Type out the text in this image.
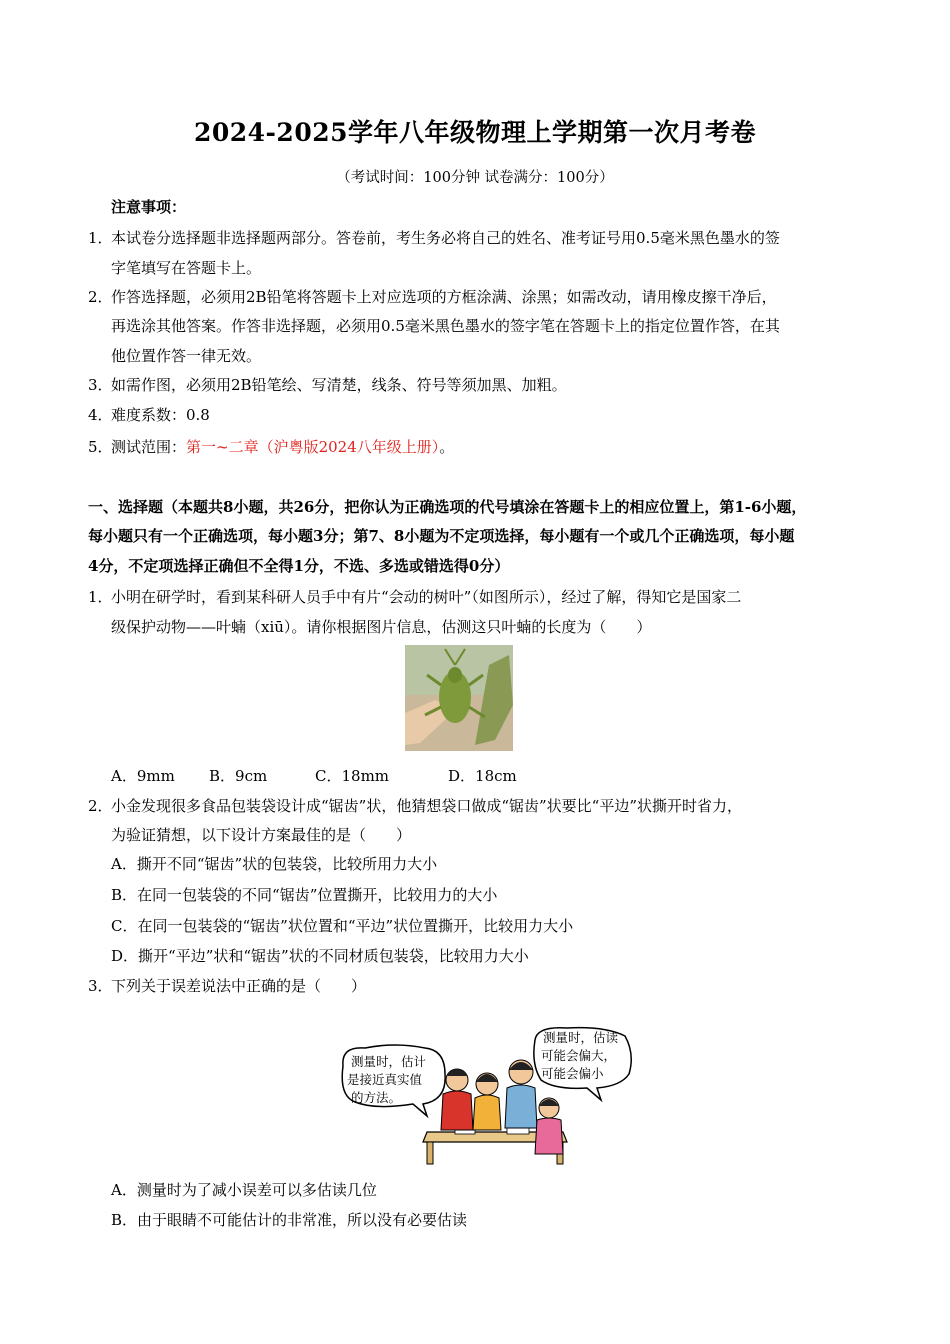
2024-2025学年八年级物理上学期第一次月考卷
（考试时间：100分钟 试卷满分：100分）
注意事项：
1．
本试卷分选择题非选择题两部分。答卷前，考生务必将自己的姓名、准考证号用0.5毫米黑色墨水的签
字笔填写在答题卡上。
2．
作答选择题，必须用2B铅笔将答题卡上对应选项的方框涂满、涂黑；如需改动，请用橡皮擦干净后，
再选涂其他答案。作答非选择题，必须用0.5毫米黑色墨水的签字笔在答题卡上的指定位置作答，在其
他位置作答一律无效。
3．
如需作图，必须用2B铅笔绘、写清楚，线条、符号等须加黑、加粗。
4．
难度系数：0.8
5．
测试范围：第一~二章（沪粤版2024八年级上册）。
一、选择题（本题共8小题，共26分，把你认为正确选项的代号填涂在答题卡上的相应位置上，第1-6小题，
每小题只有一个正确选项，每小题3分；第7、8小题为不定项选择，每小题有一个或几个正确选项，每小题
4分，不定项选择正确但不全得1分，不选、多选或错选得0分）
1．
小明在研学时，看到某科研人员手中有片“会动的树叶”（如图所示），经过了解，得知它是国家二
级保护动物——叶蝻（xiū）。请你根据图片信息，估测这只叶蝻的长度为（　　）
A．9mm B．9cm	C．18mm	D．18cm
2．
小金发现很多食品包装袋设计成“锯齿”状，他猜想袋口做成“锯齿”状要比“平边”状撕开时省力，
为验证猜想，以下设计方案最佳的是（　　）
A．撕开不同“锯齿”状的包装袋，比较所用力大小
B．在同一包装袋的不同“锯齿”位置撕开，比较用力的大小
C．在同一包装袋的“锯齿”状位置和“平边”状位置撕开，比较用力大小
D．撕开“平边”状和“锯齿”状的不同材质包装袋，比较用力大小
3．
下列关于误差说法中正确的是（　　）
测量时，估计
是接近真实值
的方法。
测量时，估读
可能会偏大，
可能会偏小
A．测量时为了减小误差可以多估读几位
B．由于眼睛不可能估计的非常准，所以没有必要估读
